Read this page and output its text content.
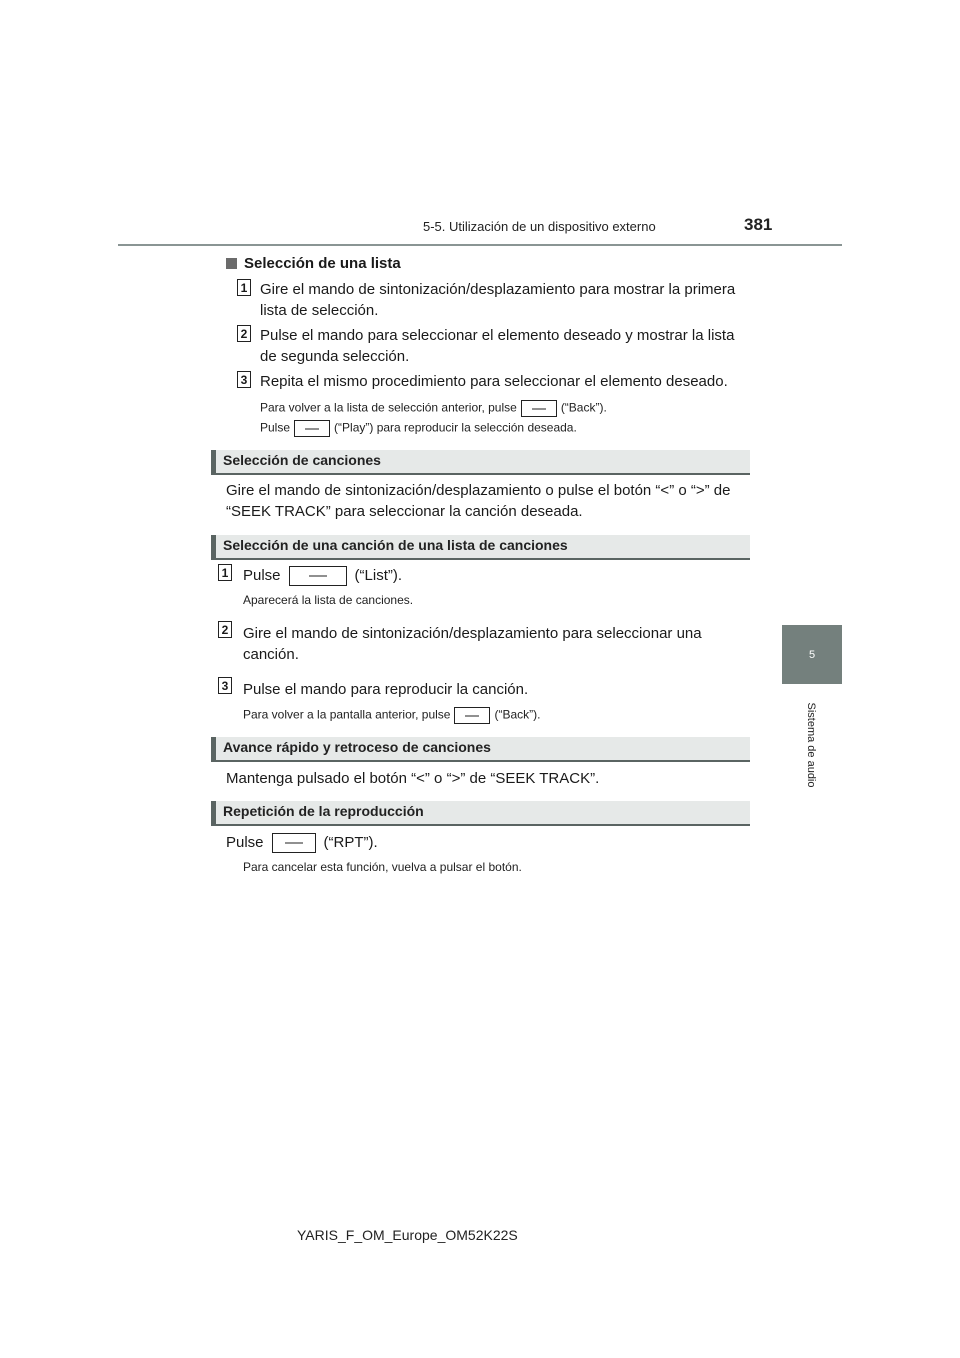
5-5. Utilización de un dispositivo externo	381
5
Sistema de audio
Selección de una lista
1 Gire el mando de sintonización/desplazamiento para mostrar la primera
lista de selección.
2 Pulse el mando para seleccionar el elemento deseado y mostrar la lista
de segunda selección.
3 Repita el mismo procedimiento para seleccionar el elemento deseado.
Para volver a la lista de selección anterior, pulse	(“Back”).
Pulse	(“Play”) para reproducir la selección deseada.
Selección de canciones
Gire el mando de sintonización/desplazamiento o pulse el botón “<” o “>” de
“SEEK TRACK” para seleccionar la canción deseada.
Selección de una canción de una lista de canciones
1 Pulse	(“List”).
Aparecerá la lista de canciones.
2 Gire el mando de sintonización/desplazamiento para seleccionar una
canción.
3 Pulse el mando para reproducir la canción.
Para volver a la pantalla anterior, pulse	(“Back”).
Avance rápido y retroceso de canciones
Mantenga pulsado el botón “<” o “>” de “SEEK TRACK”.
Repetición de la reproducción
Pulse	(“RPT”).
Para cancelar esta función, vuelva a pulsar el botón.
YARIS_F_OM_Europe_OM52K22S
